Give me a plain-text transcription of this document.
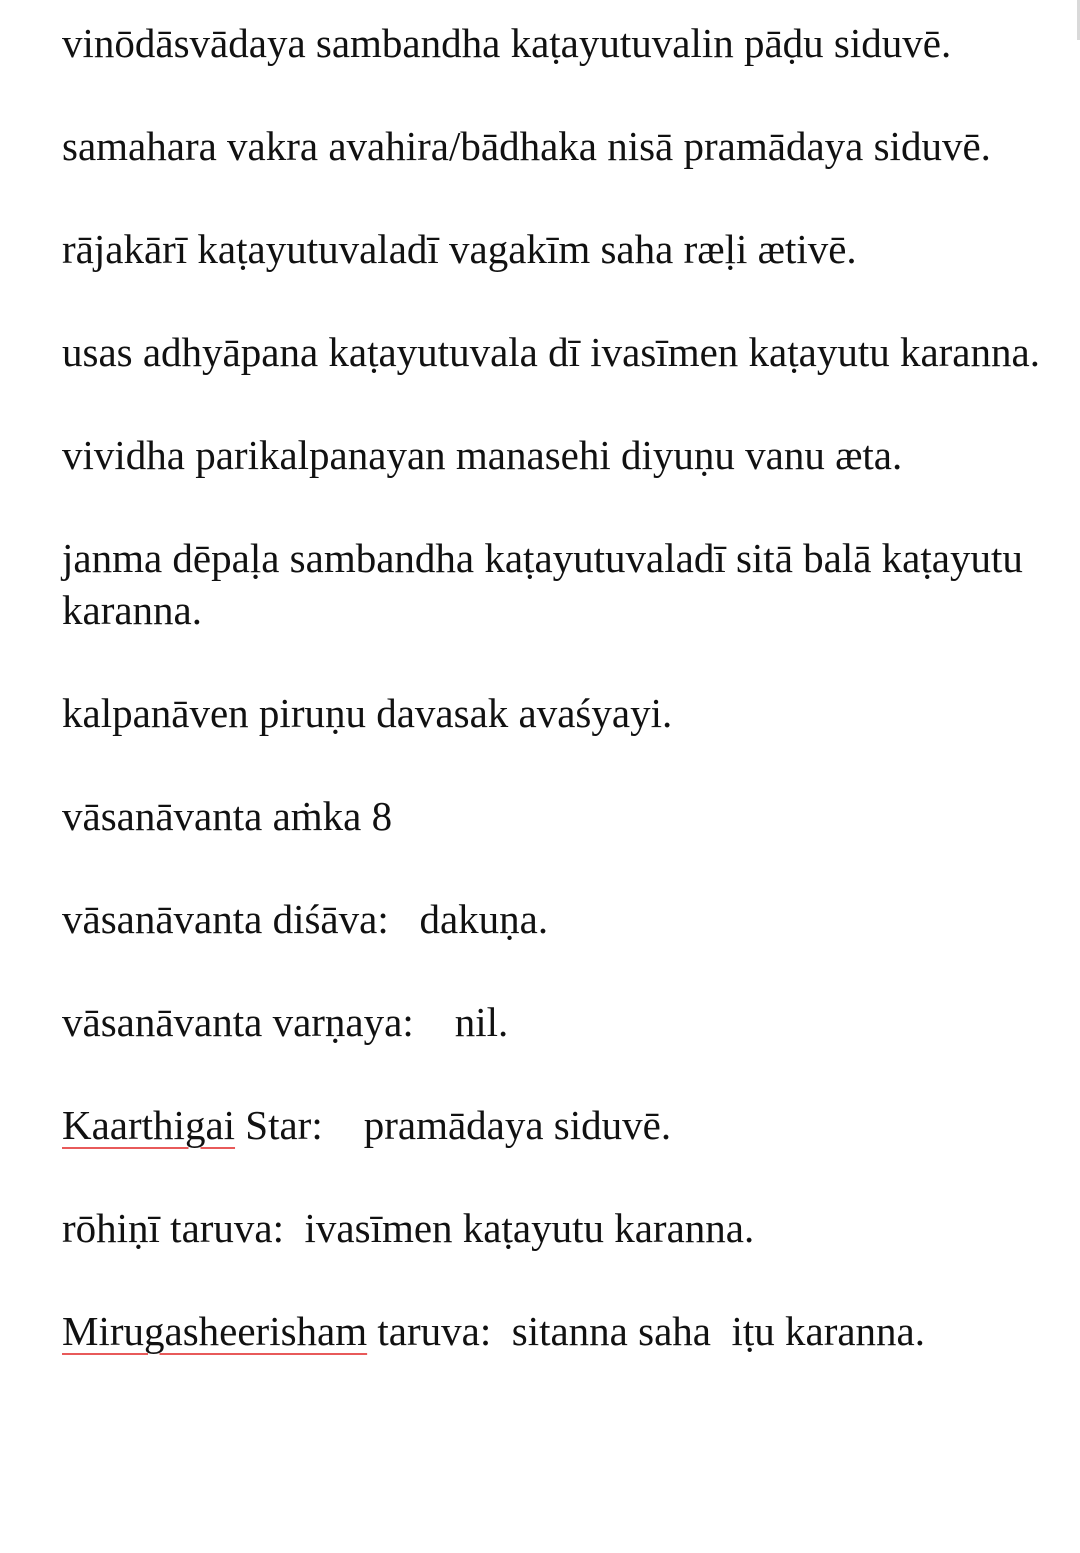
vinōdāsvādaya sambandha kaṭayutuvalin pāḍu siduvē.

samahara vakra avahira/bādhaka nisā pramādaya siduvē.

rājakārī kaṭayutuvaladī vagakīm saha ræḷi ætivē.

usas adhyāpana kaṭayutuvala dī ivasīmen kaṭayutu karanna.

vividha parikalpanayan manasehi diyuṇu vanu æta.

janma dēpaḷa sambandha kaṭayutuvaladī sitā balā kaṭayutu karanna.

kalpanāven piruṇu davasak avaśyayi.

vāsanāvanta aṁka 8

vāsanāvanta diśāva: dakuṇa.

vāsanāvanta varṇaya: nil.

Kaarthigai Star: pramādaya siduvē.

rōhiṇī taruva: ivasīmen kaṭayutu karanna.

Mirugasheerisham taruva: sitanna saha  iṭu karanna.
